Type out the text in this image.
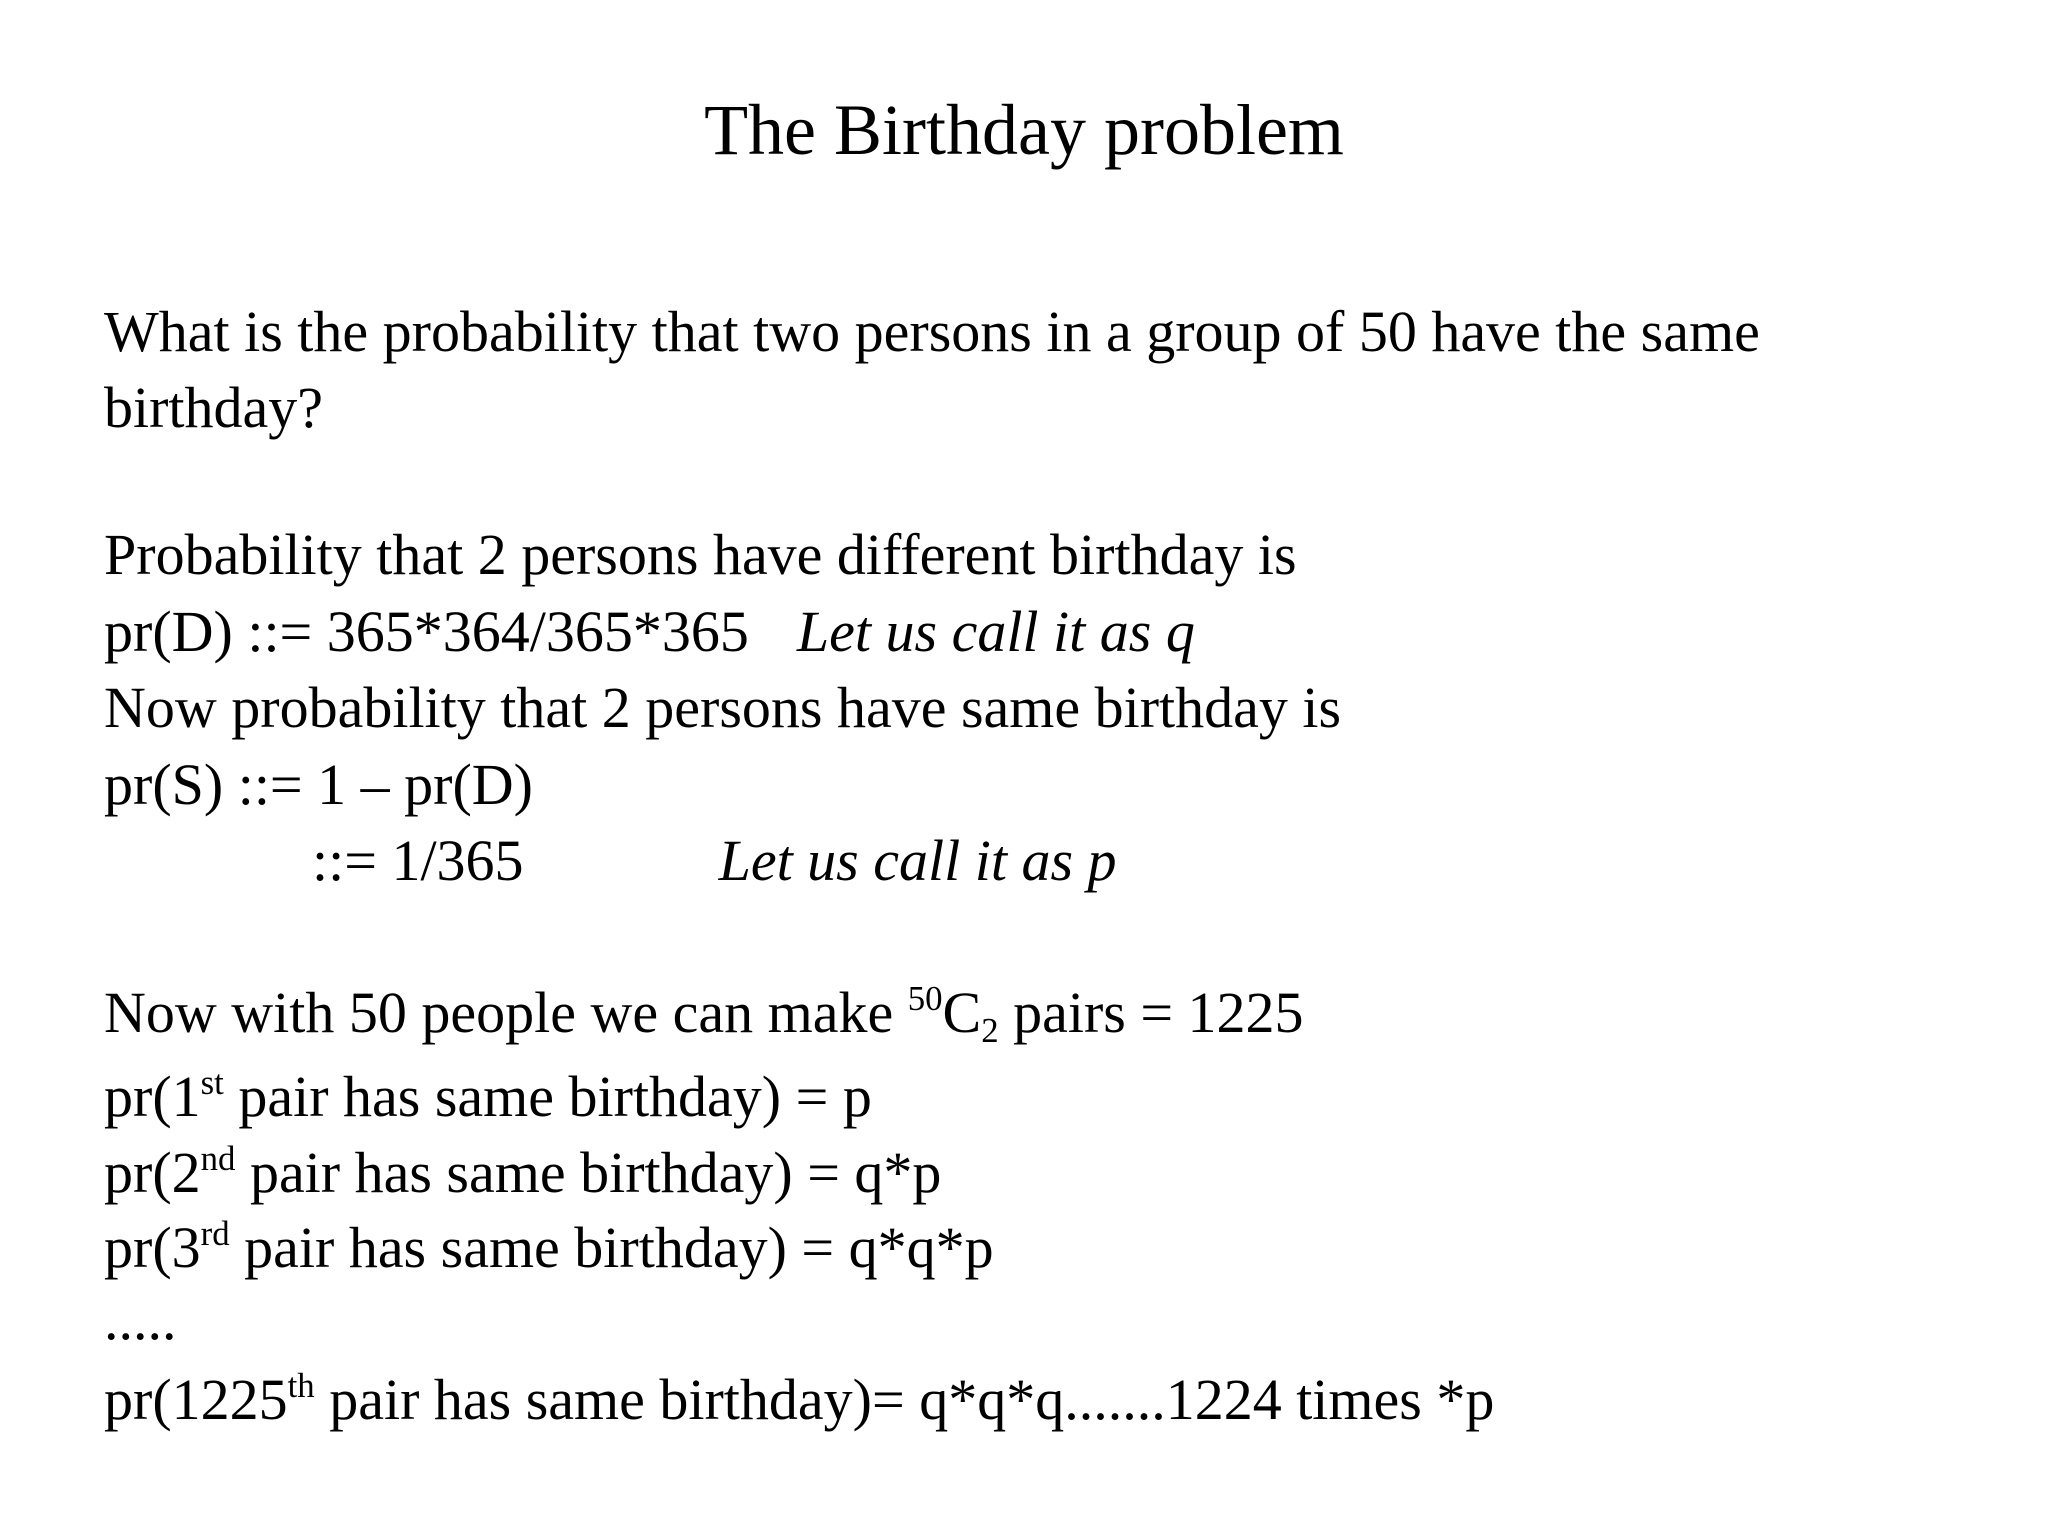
The Birthday problem
What is the probability that two persons in a group of 50 have the same
birthday?
Probability that 2 persons have different birthday is
pr(D) ::= 365*364/365*365 Let us call it as q
Now probability that 2 persons have same birthday is
pr(S) ::= 1 – pr(D)
::= 1/365	Let us call it as p
Now with 50 people we can make $^{50}C_2$ pairs = 1225
pr(1st pair has same birthday) = p
pr(2nd pair has same birthday) = q*p
pr(3rd pair has same birthday) = q*q*p
.....
pr(1225th pair has same birthday)= q*q*q.......1224 times *p
